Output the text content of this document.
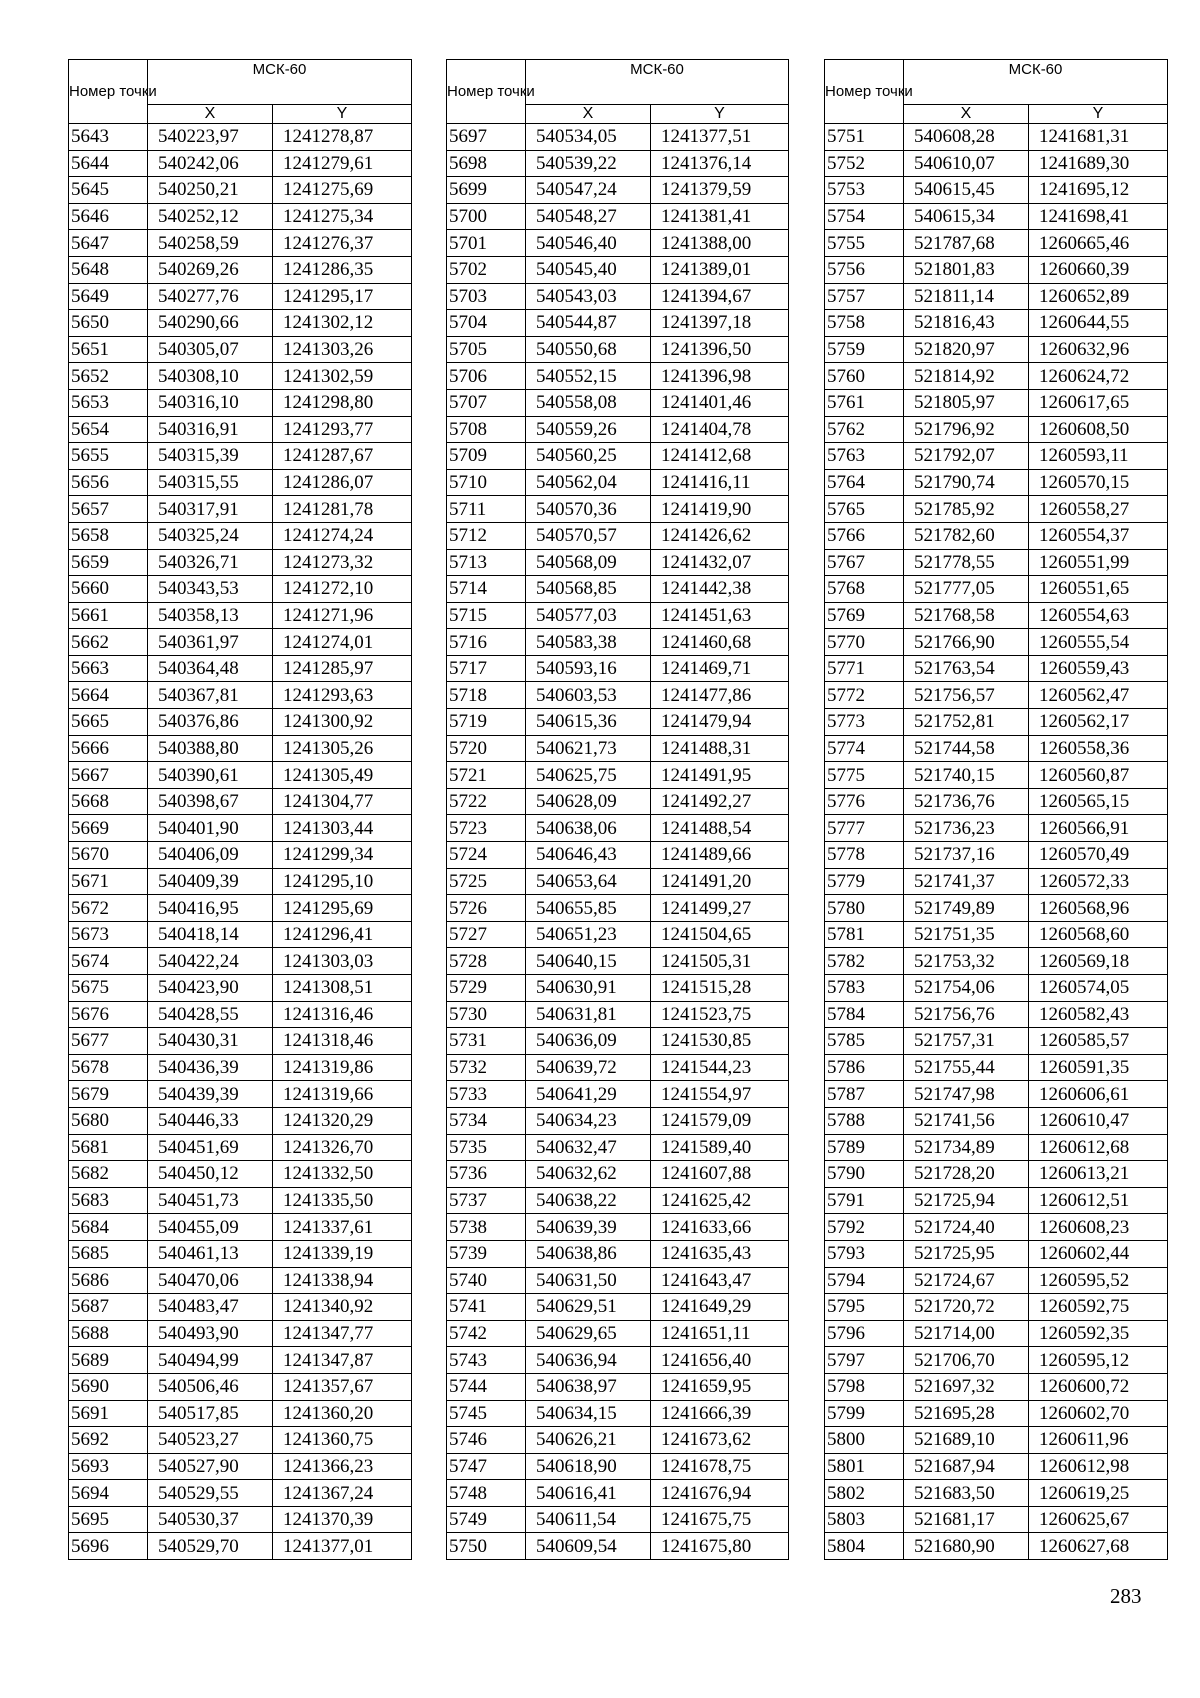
Номер точки	МСК-60	
	X	Y
5643	540223,97	1241278,87
5644	540242,06	1241279,61
5645	540250,21	1241275,69
5646	540252,12	1241275,34
5647	540258,59	1241276,37
5648	540269,26	1241286,35
5649	540277,76	1241295,17
5650	540290,66	1241302,12
5651	540305,07	1241303,26
5652	540308,10	1241302,59
5653	540316,10	1241298,80
5654	540316,91	1241293,77
5655	540315,39	1241287,67
5656	540315,55	1241286,07
5657	540317,91	1241281,78
5658	540325,24	1241274,24
5659	540326,71	1241273,32
5660	540343,53	1241272,10
5661	540358,13	1241271,96
5662	540361,97	1241274,01
5663	540364,48	1241285,97
5664	540367,81	1241293,63
5665	540376,86	1241300,92
5666	540388,80	1241305,26
5667	540390,61	1241305,49
5668	540398,67	1241304,77
5669	540401,90	1241303,44
5670	540406,09	1241299,34
5671	540409,39	1241295,10
5672	540416,95	1241295,69
5673	540418,14	1241296,41
5674	540422,24	1241303,03
5675	540423,90	1241308,51
5676	540428,55	1241316,46
5677	540430,31	1241318,46
5678	540436,39	1241319,86
5679	540439,39	1241319,66
5680	540446,33	1241320,29
5681	540451,69	1241326,70
5682	540450,12	1241332,50
5683	540451,73	1241335,50
5684	540455,09	1241337,61
5685	540461,13	1241339,19
5686	540470,06	1241338,94
5687	540483,47	1241340,92
5688	540493,90	1241347,77
5689	540494,99	1241347,87
5690	540506,46	1241357,67
5691	540517,85	1241360,20
5692	540523,27	1241360,75
5693	540527,90	1241366,23
5694	540529,55	1241367,24
5695	540530,37	1241370,39
5696	540529,70	1241377,01
Номер точки	МСК-60	
	X	Y
5697	540534,05	1241377,51
5698	540539,22	1241376,14
5699	540547,24	1241379,59
5700	540548,27	1241381,41
5701	540546,40	1241388,00
5702	540545,40	1241389,01
5703	540543,03	1241394,67
5704	540544,87	1241397,18
5705	540550,68	1241396,50
5706	540552,15	1241396,98
5707	540558,08	1241401,46
5708	540559,26	1241404,78
5709	540560,25	1241412,68
5710	540562,04	1241416,11
5711	540570,36	1241419,90
5712	540570,57	1241426,62
5713	540568,09	1241432,07
5714	540568,85	1241442,38
5715	540577,03	1241451,63
5716	540583,38	1241460,68
5717	540593,16	1241469,71
5718	540603,53	1241477,86
5719	540615,36	1241479,94
5720	540621,73	1241488,31
5721	540625,75	1241491,95
5722	540628,09	1241492,27
5723	540638,06	1241488,54
5724	540646,43	1241489,66
5725	540653,64	1241491,20
5726	540655,85	1241499,27
5727	540651,23	1241504,65
5728	540640,15	1241505,31
5729	540630,91	1241515,28
5730	540631,81	1241523,75
5731	540636,09	1241530,85
5732	540639,72	1241544,23
5733	540641,29	1241554,97
5734	540634,23	1241579,09
5735	540632,47	1241589,40
5736	540632,62	1241607,88
5737	540638,22	1241625,42
5738	540639,39	1241633,66
5739	540638,86	1241635,43
5740	540631,50	1241643,47
5741	540629,51	1241649,29
5742	540629,65	1241651,11
5743	540636,94	1241656,40
5744	540638,97	1241659,95
5745	540634,15	1241666,39
5746	540626,21	1241673,62
5747	540618,90	1241678,75
5748	540616,41	1241676,94
5749	540611,54	1241675,75
5750	540609,54	1241675,80
Номер точки	МСК-60	
	X	Y
5751	540608,28	1241681,31
5752	540610,07	1241689,30
5753	540615,45	1241695,12
5754	540615,34	1241698,41
5755	521787,68	1260665,46
5756	521801,83	1260660,39
5757	521811,14	1260652,89
5758	521816,43	1260644,55
5759	521820,97	1260632,96
5760	521814,92	1260624,72
5761	521805,97	1260617,65
5762	521796,92	1260608,50
5763	521792,07	1260593,11
5764	521790,74	1260570,15
5765	521785,92	1260558,27
5766	521782,60	1260554,37
5767	521778,55	1260551,99
5768	521777,05	1260551,65
5769	521768,58	1260554,63
5770	521766,90	1260555,54
5771	521763,54	1260559,43
5772	521756,57	1260562,47
5773	521752,81	1260562,17
5774	521744,58	1260558,36
5775	521740,15	1260560,87
5776	521736,76	1260565,15
5777	521736,23	1260566,91
5778	521737,16	1260570,49
5779	521741,37	1260572,33
5780	521749,89	1260568,96
5781	521751,35	1260568,60
5782	521753,32	1260569,18
5783	521754,06	1260574,05
5784	521756,76	1260582,43
5785	521757,31	1260585,57
5786	521755,44	1260591,35
5787	521747,98	1260606,61
5788	521741,56	1260610,47
5789	521734,89	1260612,68
5790	521728,20	1260613,21
5791	521725,94	1260612,51
5792	521724,40	1260608,23
5793	521725,95	1260602,44
5794	521724,67	1260595,52
5795	521720,72	1260592,75
5796	521714,00	1260592,35
5797	521706,70	1260595,12
5798	521697,32	1260600,72
5799	521695,28	1260602,70
5800	521689,10	1260611,96
5801	521687,94	1260612,98
5802	521683,50	1260619,25
5803	521681,17	1260625,67
5804	521680,90	1260627,68
283
